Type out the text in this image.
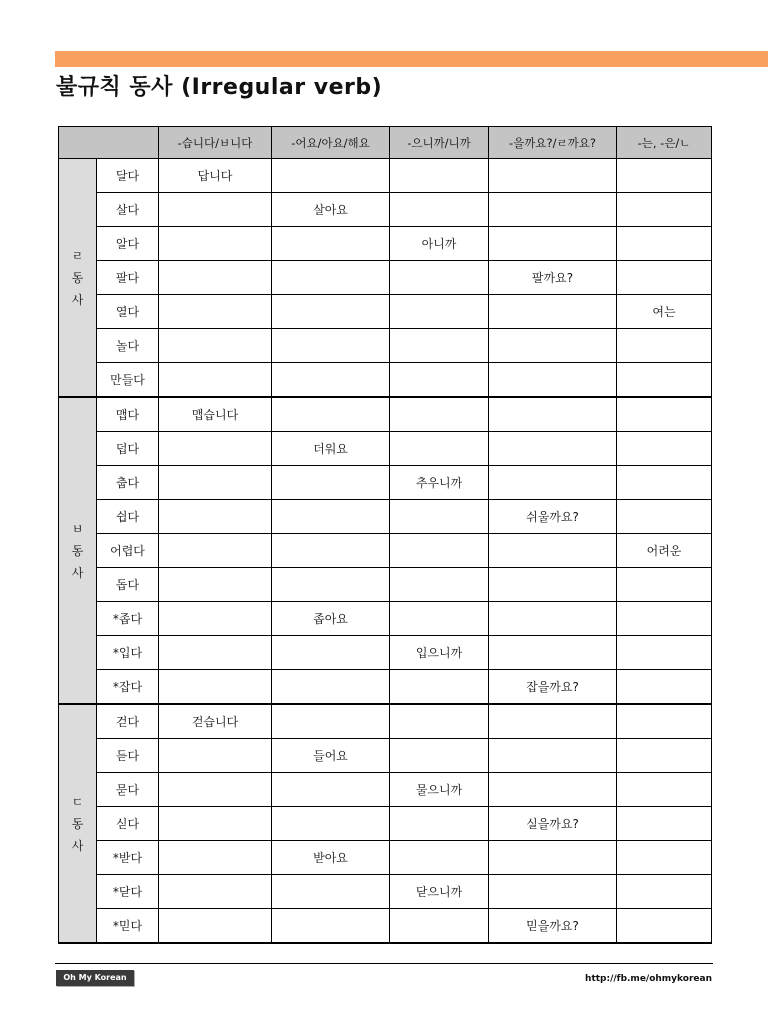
불규칙 동사 (Irregular verb)
		-습니다/ㅂ니다	-어요/아요/해요	-으니까/니까	-을까요?/ㄹ까요?	-는, -은/ㄴ

ㄹ
동
사	달다	답니다				
	살다		살아요			
	알다			아니까		
	팔다				팔까요?	
	열다					여는
	놀다					
	만들다					

ㅂ
동
사	맵다	맵습니다				
	덥다		더워요			
	춥다			추우니까		
	쉽다				쉬울까요?	
	어렵다					어려운
	돕다					
	*좁다		좁아요			
	*입다			입으니까		
	*잡다				잡을까요?	

ㄷ
동
사	걷다	걷습니다				
	듣다		들어요			
	묻다			물으니까		
	싣다				실을까요?	
	*받다		받아요			
	*닫다			닫으니까		
	*믿다				믿을까요?	
Oh My Korean	http://fb.me/ohmykorean
